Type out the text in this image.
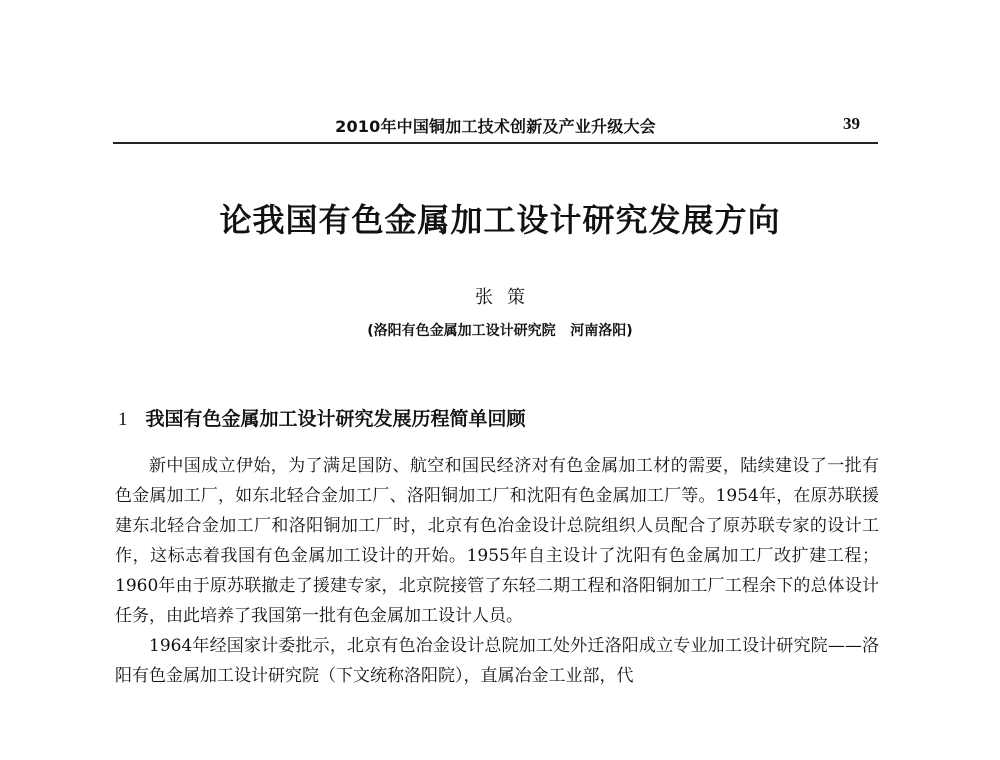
2010年中国铜加工技术创新及产业升级大会	39
论我国有色金属加工设计研究发展方向
张策
(洛阳有色金属加工设计研究院   河南洛阳)
1 我国有色金属加工设计研究发展历程简单回顾

新中国成立伊始，为了满足国防、航空和国民经济对有色金属加工材的需要，陆续建设了一批有色金属加工厂，如东北轻合金加工厂、洛阳铜加工厂和沈阳有色金属加工厂等。1954年，在原苏联援建东北轻合金加工厂和洛阳铜加工厂时，北京有色冶金设计总院组织人员配合了原苏联专家的设计工作，这标志着我国有色金属加工设计的开始。1955年自主设计了沈阳有色金属加工厂改扩建工程；1960年由于原苏联撤走了援建专家，北京院接管了东轻二期工程和洛阳铜加工厂工程余下的总体设计任务，由此培养了我国第一批有色金属加工设计人员。

1964年经国家计委批示，北京有色冶金设计总院加工处外迁洛阳成立专业加工设计研究院——洛阳有色金属加工设计研究院（下文统称洛阳院），直属冶金工业部，代
